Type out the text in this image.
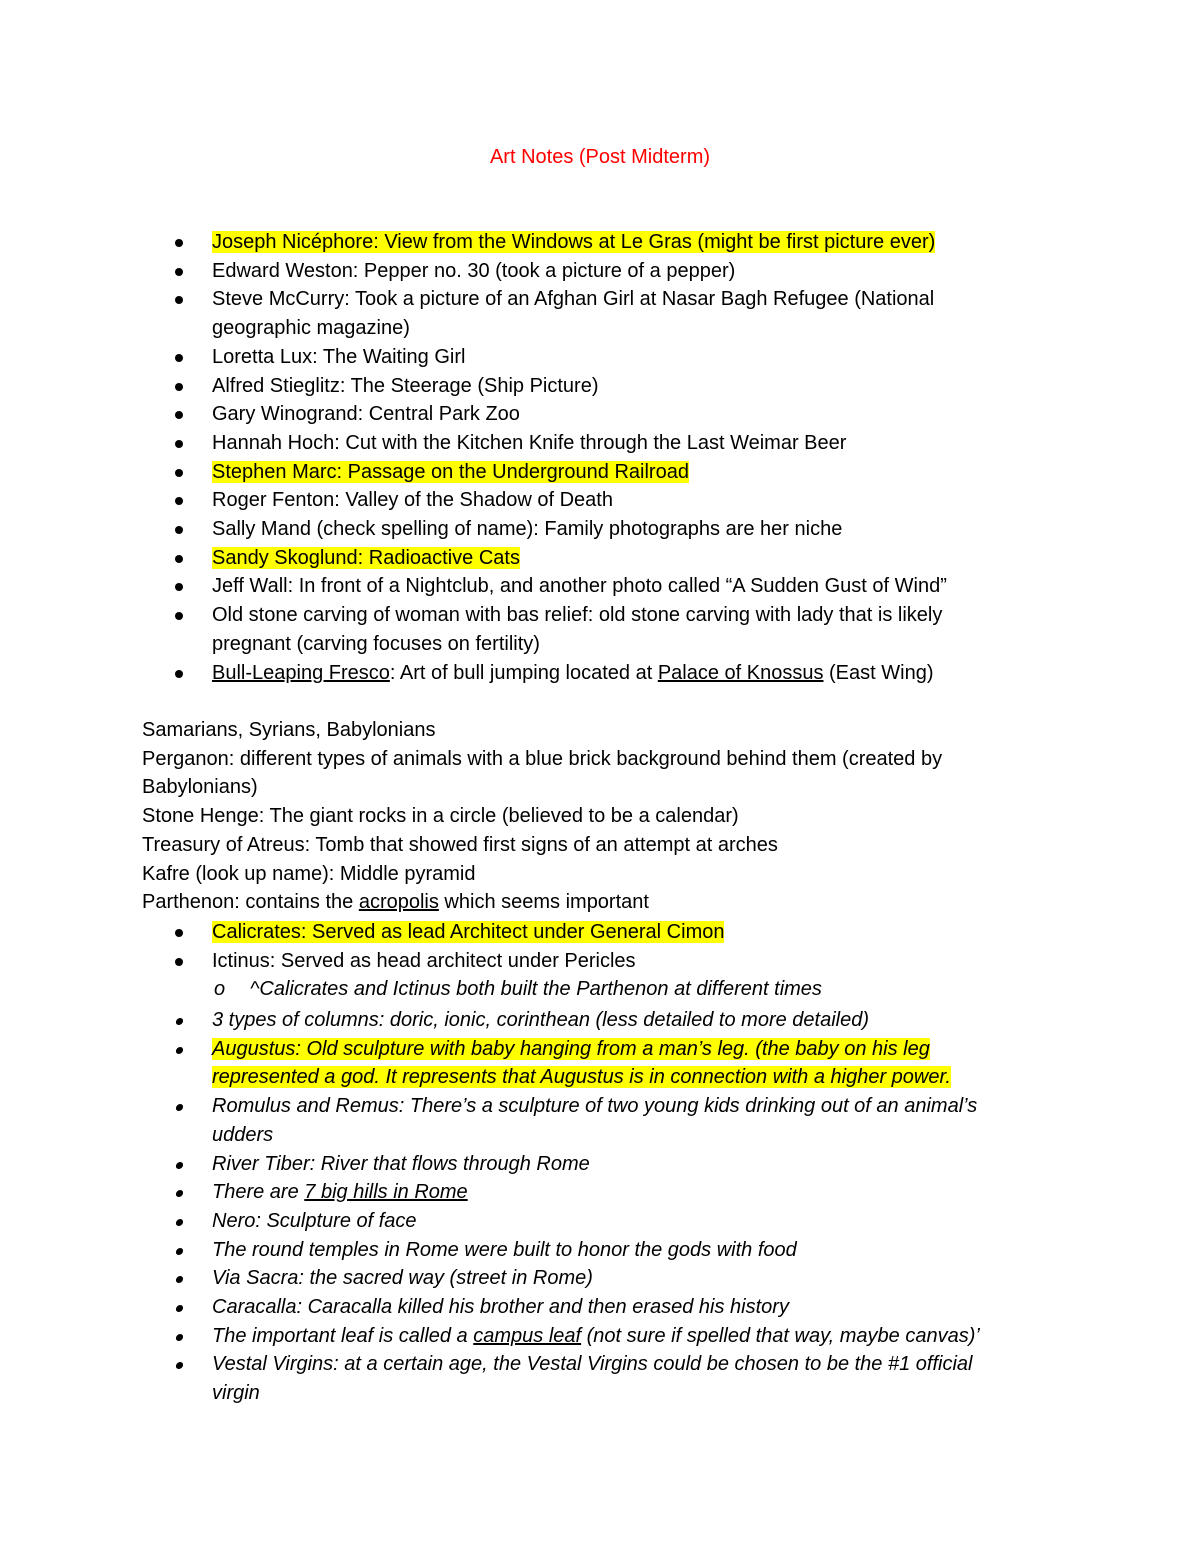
Art Notes (Post Midterm)
Joseph Nicéphore: View from the Windows at Le Gras (might be first picture ever)
Edward Weston: Pepper no. 30 (took a picture of a pepper)
Steve McCurry: Took a picture of an Afghan Girl at Nasar Bagh Refugee (National
geographic magazine)
Loretta Lux: The Waiting Girl
Alfred Stieglitz: The Steerage (Ship Picture)
Gary Winogrand: Central Park Zoo
Hannah Hoch: Cut with the Kitchen Knife through the Last Weimar Beer
Stephen Marc: Passage on the Underground Railroad
Roger Fenton: Valley of the Shadow of Death
Sally Mand (check spelling of name): Family photographs are her niche
Sandy Skoglund: Radioactive Cats
Jeff Wall: In front of a Nightclub, and another photo called “A Sudden Gust of Wind”
Old stone carving of woman with bas relief: old stone carving with lady that is likely
pregnant (carving focuses on fertility)
Bull-Leaping Fresco: Art of bull jumping located at Palace of Knossus (East Wing)

Samarians, Syrians, Babylonians

Perganon: different types of animals with a blue brick background behind them (created by

Babylonians)

Stone Henge: The giant rocks in a circle (believed to be a calendar)

Treasury of Atreus: Tomb that showed first signs of an attempt at arches

Kafre (look up name): Middle pyramid

Parthenon: contains the acropolis which seems important

Calicrates: Served as lead Architect under General Cimon
Ictinus: Served as head architect under Pericles
o ^Calicrates and Ictinus both built the Parthenon at different times
3 types of columns: doric, ionic, corinthean (less detailed to more detailed)
Augustus: Old sculpture with baby hanging from a man’s leg. (the baby on his leg
represented a god. It represents that Augustus is in connection with a higher power.
Romulus and Remus: There’s a sculpture of two young kids drinking out of an animal’s
udders
River Tiber: River that flows through Rome
There are 7 big hills in Rome
Nero: Sculpture of face
The round temples in Rome were built to honor the gods with food
Via Sacra: the sacred way (street in Rome)
Caracalla: Caracalla killed his brother and then erased his history
The important leaf is called a campus leaf (not sure if spelled that way, maybe canvas)’
Vestal Virgins: at a certain age, the Vestal Virgins could be chosen to be the #1 official
virgin
